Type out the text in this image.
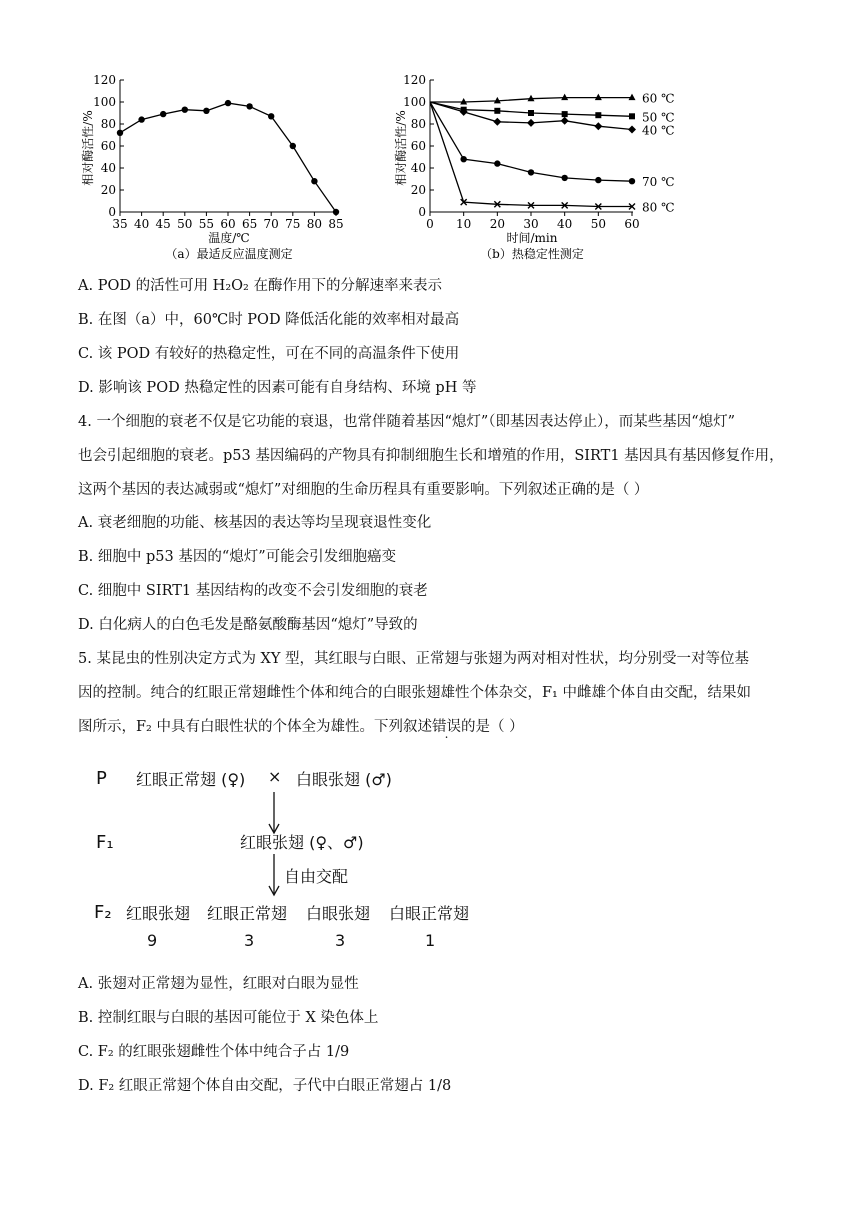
35 40 45 50 55 60 65 70 75 80 85
0
20
40
60
80
100
120
相对酶活性/%
温度/℃
（a）最适反应温度测定
0 10 20 30 40 50 60
0
20
40
60
80
100
120
60 ℃
50 ℃
40 ℃
70 ℃
80 ℃
相对酶活性/%
时间/min
（b）热稳定性测定
A. POD 的活性可用 H₂O₂ 在酶作用下的分解速率来表示
B. 在图（a）中，60℃时 POD 降低活化能的效率相对最高
C. 该 POD 有较好的热稳定性，可在不同的高温条件下使用
D. 影响该 POD 热稳定性的因素可能有自身结构、环境 pH 等
4. 一个细胞的衰老不仅是它功能的衰退，也常伴随着基因“熄灯”（即基因表达停止），而某些基因“熄灯”
也会引起细胞的衰老。p53 基因编码的产物具有抑制细胞生长和增殖的作用，SIRT1 基因具有基因修复作用，
这两个基因的表达减弱或“熄灯”对细胞的生命历程具有重要影响。下列叙述正确的是（ ）
A. 衰老细胞的功能、核基因的表达等均呈现衰退性变化
B. 细胞中 p53 基因的“熄灯”可能会引发细胞癌变
C. 细胞中 SIRT1 基因结构的改变不会引发细胞的衰老
D. 白化病人的白色毛发是酪氨酸酶基因“熄灯”导致的
5. 某昆虫的性别决定方式为 XY 型，其红眼与白眼、正常翅与张翅为两对相对性状，均分别受一对等位基
因的控制。纯合的红眼正常翅雌性个体和纯合的白眼张翅雄性个体杂交，F₁ 中雌雄个体自由交配，结果如
图所示，F₂ 中具有白眼性状的个体全为雄性。下列叙述错误的是（ ）
P 红眼正常翅 (♀) × 白眼张翅 (♂)
F₁	红眼张翅 (♀、♂)
自由交配
F₂ 红眼张翅 红眼正常翅 白眼张翅 白眼正常翅
9	3	3	1
A. 张翅对正常翅为显性，红眼对白眼为显性
B. 控制红眼与白眼的基因可能位于 X 染色体上
C. F₂ 的红眼张翅雌性个体中纯合子占 1/9
D. F₂ 红眼正常翅个体自由交配，子代中白眼正常翅占 1/8
